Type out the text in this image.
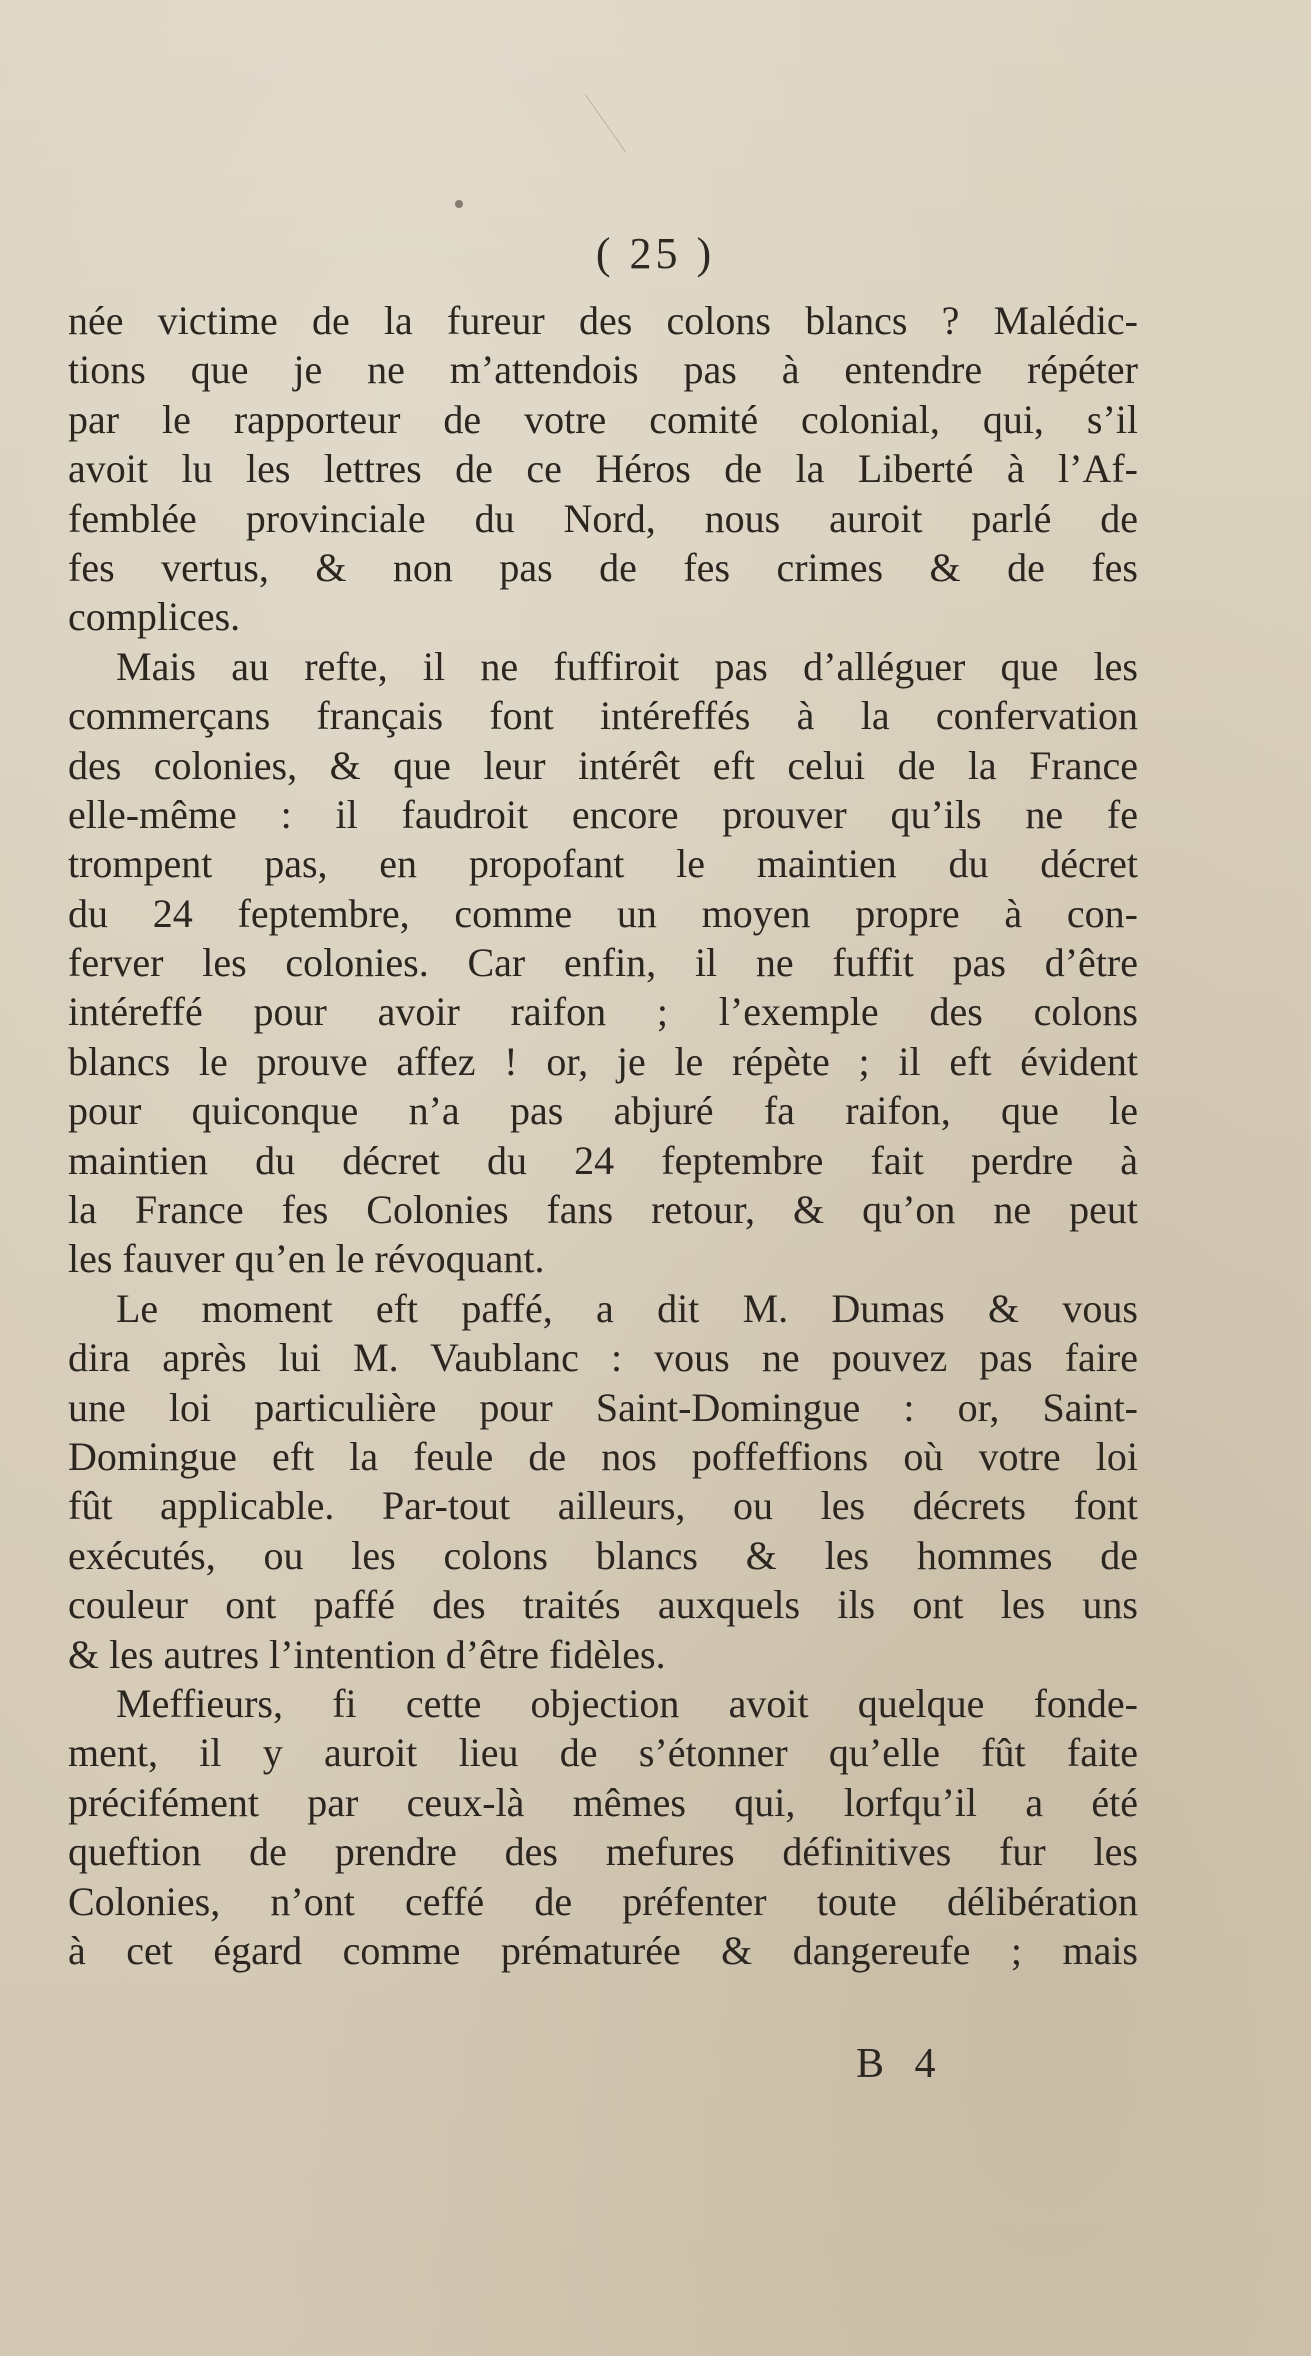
( 25 )
née victime de la fureur des colons blancs ? Malédic-
tions que je ne m’attendois pas à entendre répéter
par le rapporteur de votre comité colonial, qui, s’il
avoit lu les lettres de ce Héros de la Liberté à l’Af-
femblée provinciale du Nord, nous auroit parlé de
fes vertus, & non pas de fes crimes & de fes
complices.
Mais au refte, il ne fuffiroit pas d’alléguer que les
commerçans français font intéreffés à la confervation
des colonies, & que leur intérêt eft celui de la France
elle-même : il faudroit encore prouver qu’ils ne fe
trompent pas, en propofant le maintien du décret
du 24 feptembre, comme un moyen propre à con-
ferver les colonies. Car enfin, il ne fuffit pas d’être
intéreffé pour avoir raifon ; l’exemple des colons
blancs le prouve affez ! or, je le répète ; il eft évident
pour quiconque n’a pas abjuré fa raifon, que le
maintien du décret du 24 feptembre fait perdre à
la France fes Colonies fans retour, & qu’on ne peut
les fauver qu’en le révoquant.
Le moment eft paffé, a dit M. Dumas & vous
dira après lui M. Vaublanc : vous ne pouvez pas faire
une loi particulière pour Saint-Domingue : or, Saint-
Domingue eft la feule de nos poffeffions où votre loi
fût applicable. Par-tout ailleurs, ou les décrets font
exécutés, ou les colons blancs & les hommes de
couleur ont paffé des traités auxquels ils ont les uns
& les autres l’intention d’être fidèles.
Meffieurs, fi cette objection avoit quelque fonde-
ment, il y auroit lieu de s’étonner qu’elle fût faite
précifément par ceux-là mêmes qui, lorfqu’il a été
queftion de prendre des mefures définitives fur les
Colonies, n’ont ceffé de préfenter toute délibération
à cet égard comme prématurée & dangereufe ; mais
B 4
